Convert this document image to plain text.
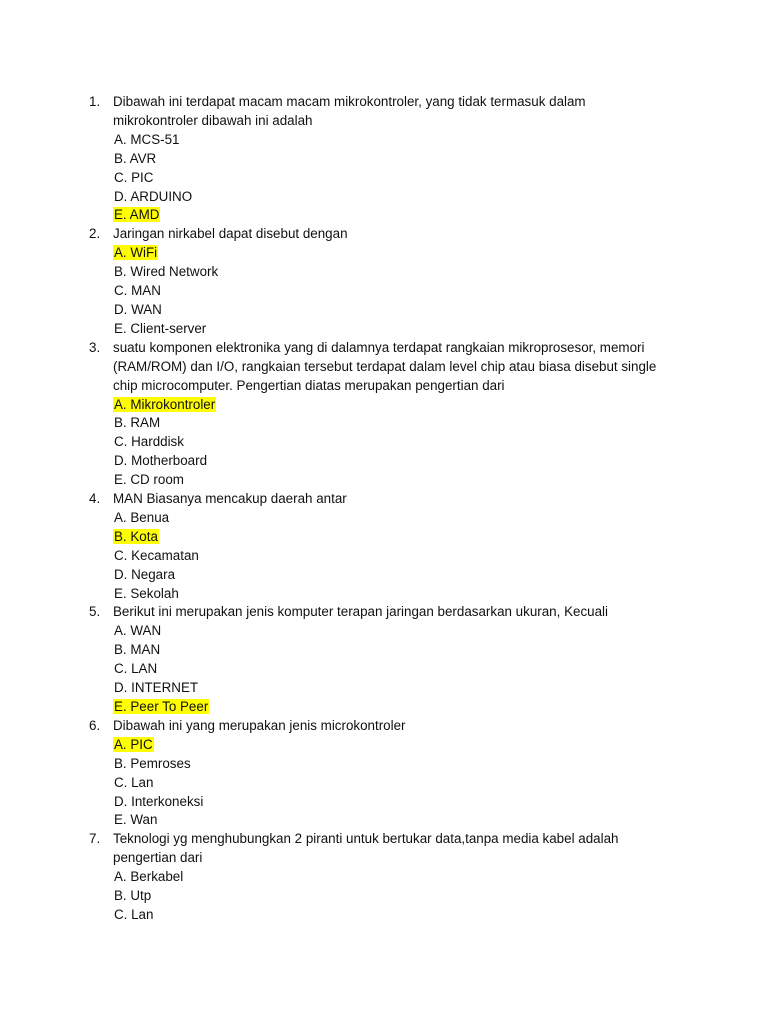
1. Dibawah ini terdapat macam macam mikrokontroler, yang tidak termasuk dalam mikrokontroler dibawah ini adalah
A. MCS-51
B. AVR
C. PIC
D. ARDUINO
E. AMD
2. Jaringan nirkabel dapat disebut dengan
A. WiFi
B. Wired Network
C. MAN
D. WAN
E. Client-server
3. suatu komponen elektronika yang di dalamnya terdapat rangkaian mikroprosesor, memori (RAM/ROM) dan I/O, rangkaian tersebut terdapat dalam level chip atau biasa disebut single chip microcomputer. Pengertian diatas merupakan pengertian dari
A. Mikrokontroler
B. RAM
C. Harddisk
D. Motherboard
E. CD room
4. MAN Biasanya mencakup daerah antar
A. Benua
B. Kota
C. Kecamatan
D. Negara
E. Sekolah
5. Berikut ini merupakan jenis komputer terapan jaringan berdasarkan ukuran, Kecuali
A. WAN
B. MAN
C. LAN
D. INTERNET
E. Peer To Peer
6. Dibawah ini yang merupakan jenis microkontroler
A. PIC
B. Pemroses
C. Lan
D. Interkoneksi
E. Wan
7. Teknologi yg menghubungkan 2 piranti untuk bertukar data,tanpa media kabel adalah pengertian dari
A. Berkabel
B. Utp
C. Lan
